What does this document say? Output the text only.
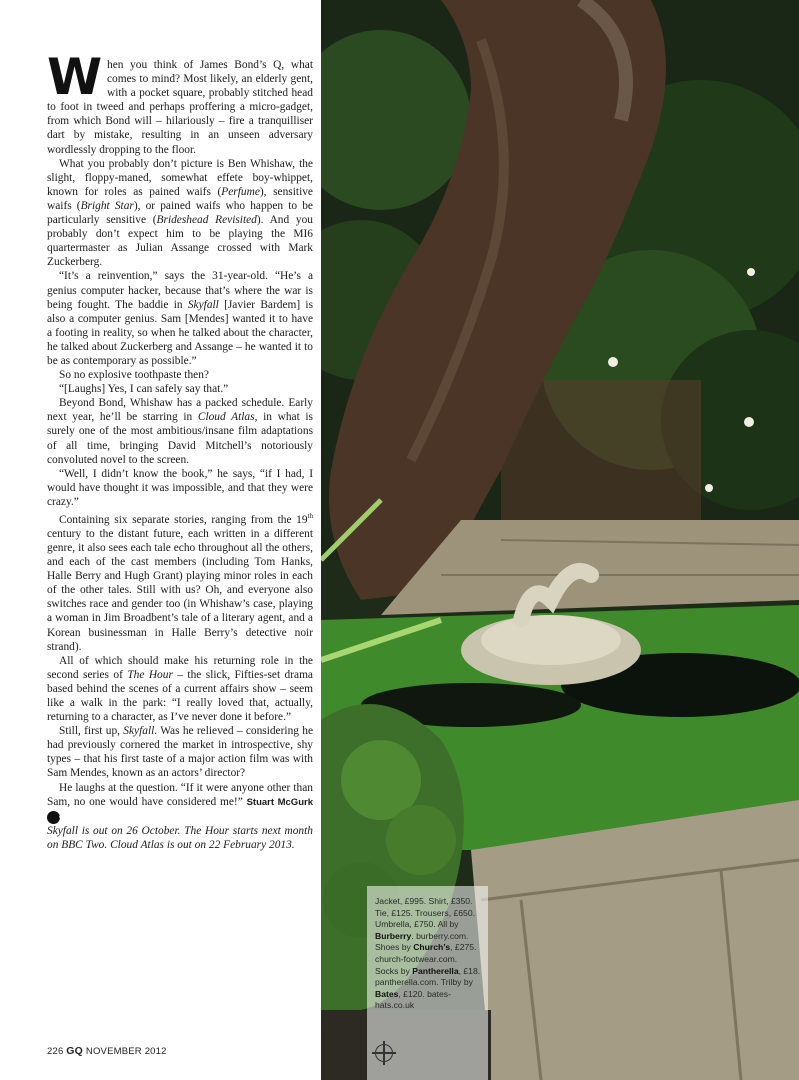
When you think of James Bond’s Q, what comes to mind? Most likely, an elderly gent, with a pocket square, probably stitched head to foot in tweed and perhaps proffering a micro-gadget, from which Bond will – hilariously – fire a tranquilliser dart by mistake, resulting in an unseen adversary wordlessly dropping to the floor.

What you probably don’t picture is Ben Whishaw, the slight, floppy-maned, somewhat effete boy-whippet, known for roles as pained waifs (Perfume), sensitive waifs (Bright Star), or pained waifs who happen to be particularly sensitive (Brideshead Revisited). And you probably don’t expect him to be playing the MI6 quartermaster as Julian Assange crossed with Mark Zuckerberg.

“It’s a reinvention,” says the 31-year-old. “He’s a genius computer hacker, because that’s where the war is being fought. The baddie in Skyfall [Javier Bardem] is also a computer genius. Sam [Mendes] wanted it to have a footing in reality, so when he talked about the character, he talked about Zuckerberg and Assange – he wanted it to be as contemporary as possible.”

So no explosive toothpaste then?

“[Laughs] Yes, I can safely say that.”

Beyond Bond, Whishaw has a packed schedule. Early next year, he’ll be starring in Cloud Atlas, in what is surely one of the most ambitious/insane film adaptations of all time, bringing David Mitchell’s notoriously convoluted novel to the screen.

“Well, I didn’t know the book,” he says, “if I had, I would have thought it was impossible, and that they were crazy.”

Containing six separate stories, ranging from the 19th century to the distant future, each written in a different genre, it also sees each tale echo throughout all the others, and each of the cast members (including Tom Hanks, Halle Berry and Hugh Grant) playing minor roles in each of the other tales. Still with us? Oh, and everyone also switches race and gender too (in Whishaw’s case, playing a woman in Jim Broadbent’s tale of a literary agent, and a Korean businessman in Halle Berry’s detective noir strand).

All of which should make his returning role in the second series of The Hour – the slick, Fifties-set drama based behind the scenes of a current affairs show – seem like a walk in the park: “I really loved that, actually, returning to a character, as I’ve never done it before.”

Still, first up, Skyfall. Was he relieved – considering he had previously cornered the market in introspective, shy types – that his first taste of a major action film was with Sam Mendes, known as an actors’ director?

He laughs at the question. “If it were anyone other than Sam, no one would have considered me!” Stuart McGurk GQ

Skyfall is out on 26 October. The Hour starts next month on BBC Two. Cloud Atlas is out on 22 February 2013.

226 GQ NOVEMBER 2012
Jacket, £995. Shirt, £350. Tie, £125. Trousers, £650. Umbrella, £750. All by Burberry. burberry.com. Shoes by Church’s, £275. church-footwear.com. Socks by Pantherella, £18. pantherella.com. Trilby by Bates, £120. bates-hats.co.uk
